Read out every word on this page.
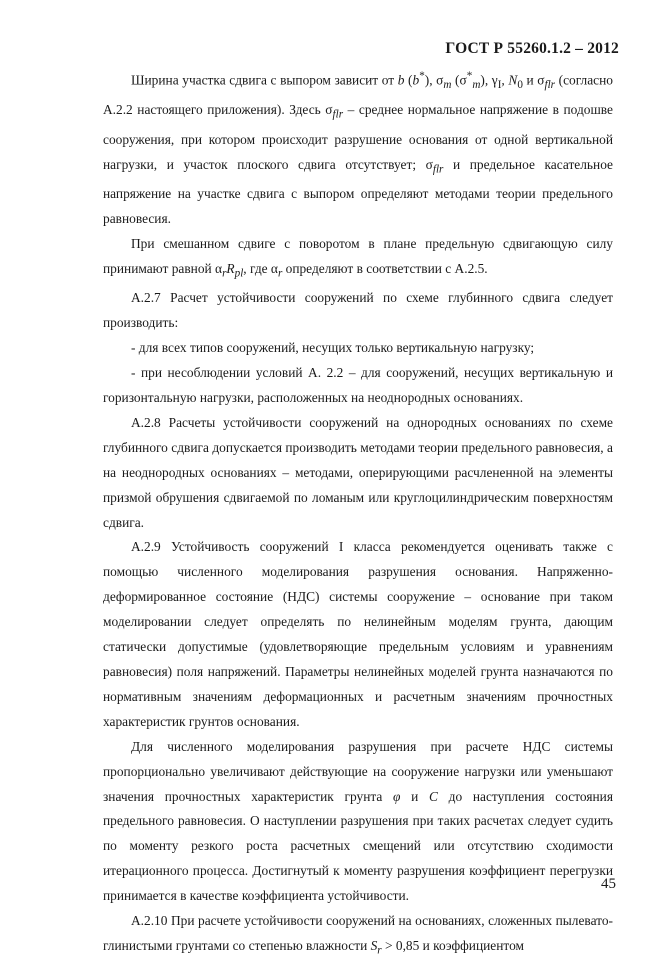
ГОСТ Р 55260.1.2 – 2012

Ширина участка сдвига с выпором зависит от b (b*), $\sigma_m$ $(\sigma^*_m)$, $\gamma_I$, $N_0$ и $\sigma_{flr}$ (согласно А.2.2 настоящего приложения). Здесь $\sigma_{flr}$ – среднее нормальное напряжение в подошве сооружения, при котором происходит разрушение основания от одной вертикальной нагрузки, и участок плоского сдвига отсутствует; $\sigma_{flr}$ и предельное касательное напряжение на участке сдвига с выпором определяют методами теории предельного равновесия.

При смешанном сдвиге с поворотом в плане предельную сдвигающую силу принимают равной $\alpha_rR_{pl}$, где $\alpha_r$ определяют в соответствии с А.2.5.

А.2.7 Расчет устойчивости сооружений по схеме глубинного сдвига следует производить:

- для всех типов сооружений, несущих только вертикальную нагрузку;

- при несоблюдении условий А. 2.2 – для сооружений, несущих вертикальную и горизонтальную нагрузки, расположенных на неоднородных основаниях.

А.2.8 Расчеты устойчивости сооружений на однородных основаниях по схеме глубинного сдвига допускается производить методами теории предельного равновесия, а на неоднородных основаниях – методами, оперирующими расчлененной на элементы призмой обрушения сдвигаемой по ломаным или круглоцилиндрическим поверхностям сдвига.

А.2.9 Устойчивость сооружений I класса рекомендуется оценивать также с помощью численного моделирования разрушения основания. Напряженно-деформированное состояние (НДС) системы сооружение – основание при таком моделировании следует определять по нелинейным моделям грунта, дающим статически допустимые (удовлетворяющие предельным условиям и уравнениям равновесия) поля напряжений. Параметры нелинейных моделей грунта назначаются по нормативным значениям деформационных и расчетным значениям прочностных характеристик грунтов основания.

Для численного моделирования разрушения при расчете НДС системы пропорционально увеличивают действующие на сооружение нагрузки или уменьшают значения прочностных характеристик грунта φ и C до наступления состояния предельного равновесия. О наступлении разрушения при таких расчетах следует судить по моменту резкого роста расчетных смещений или отсутствию сходимости итерационного процесса. Достигнутый к моменту разрушения коэффициент перегрузки принимается в качестве коэффициента устойчивости.

А.2.10 При расчете устойчивости сооружений на основаниях, сложенных пылевато-глинистыми грунтами со степенью влажности $S_r > 0,85$ и коэффициентом

45
